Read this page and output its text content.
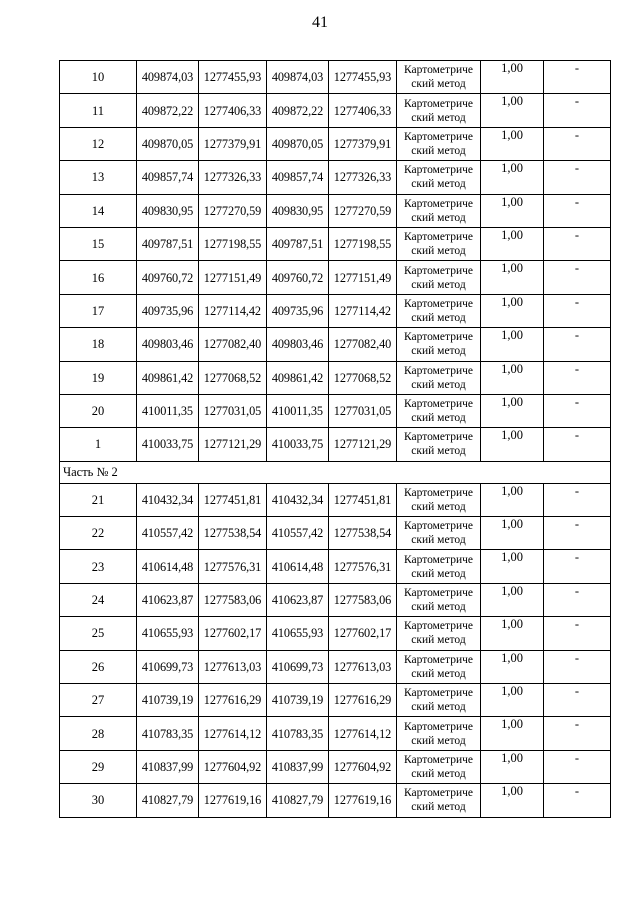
41
10	409874,03	1277455,93	409874,03	1277455,93	Картометриче ский метод	1,00	-
11	409872,22	1277406,33	409872,22	1277406,33	Картометриче ский метод	1,00	-
12	409870,05	1277379,91	409870,05	1277379,91	Картометриче ский метод	1,00	-
13	409857,74	1277326,33	409857,74	1277326,33	Картометриче ский метод	1,00	-
14	409830,95	1277270,59	409830,95	1277270,59	Картометриче ский метод	1,00	-
15	409787,51	1277198,55	409787,51	1277198,55	Картометриче ский метод	1,00	-
16	409760,72	1277151,49	409760,72	1277151,49	Картометриче ский метод	1,00	-
17	409735,96	1277114,42	409735,96	1277114,42	Картометриче ский метод	1,00	-
18	409803,46	1277082,40	409803,46	1277082,40	Картометриче ский метод	1,00	-
19	409861,42	1277068,52	409861,42	1277068,52	Картометриче ский метод	1,00	-
20	410011,35	1277031,05	410011,35	1277031,05	Картометриче ский метод	1,00	-
1	410033,75	1277121,29	410033,75	1277121,29	Картометриче ский метод	1,00	-
Часть № 2							
21	410432,34	1277451,81	410432,34	1277451,81	Картометриче ский метод	1,00	-
22	410557,42	1277538,54	410557,42	1277538,54	Картометриче ский метод	1,00	-
23	410614,48	1277576,31	410614,48	1277576,31	Картометриче ский метод	1,00	-
24	410623,87	1277583,06	410623,87	1277583,06	Картометриче ский метод	1,00	-
25	410655,93	1277602,17	410655,93	1277602,17	Картометриче ский метод	1,00	-
26	410699,73	1277613,03	410699,73	1277613,03	Картометриче ский метод	1,00	-
27	410739,19	1277616,29	410739,19	1277616,29	Картометриче ский метод	1,00	-
28	410783,35	1277614,12	410783,35	1277614,12	Картометриче ский метод	1,00	-
29	410837,99	1277604,92	410837,99	1277604,92	Картометриче ский метод	1,00	-
30	410827,79	1277619,16	410827,79	1277619,16	Картометриче ский метод	1,00	-
